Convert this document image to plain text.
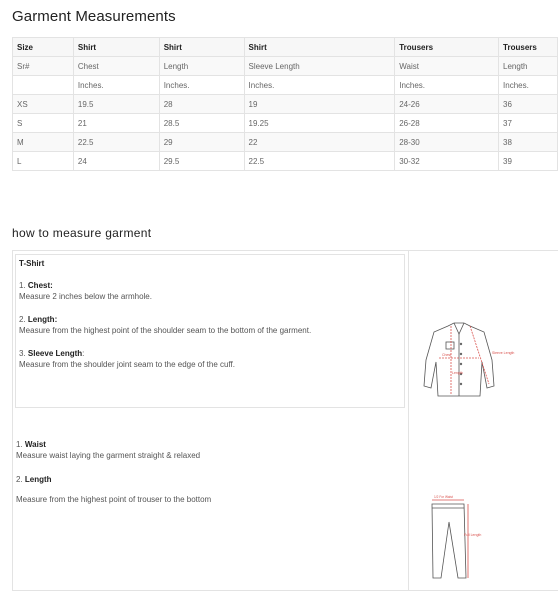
Garment Measurements
Size	Shirt	Shirt	Shirt	Trousers	Trousers
Sr#	Chest	Length	Sleeve Length	Waist	Length
	Inches.	Inches.	Inches.	Inches.	Inches.
XS	19.5	28	19	24-26	36
S	21	28.5	19.25	26-28	37
M	22.5	29	22	28-30	38
L	24	29.5	22.5	30-32	39
how to measure garment
T-Shirt
1. Chest:
Measure 2 inches below the armhole.
2. Length:
Measure from the highest point of the shoulder seam to the bottom of the garment.
3. Sleeve Length:
Measure from the shoulder joint seam to the edge of the cuff.
1. Waist
Measure waist laying the garment straight & relaxed
2. Length
Measure from the highest point of trouser to the bottom
Sleeve Length
Chest
Length
1/2 For Waist
Full Length
